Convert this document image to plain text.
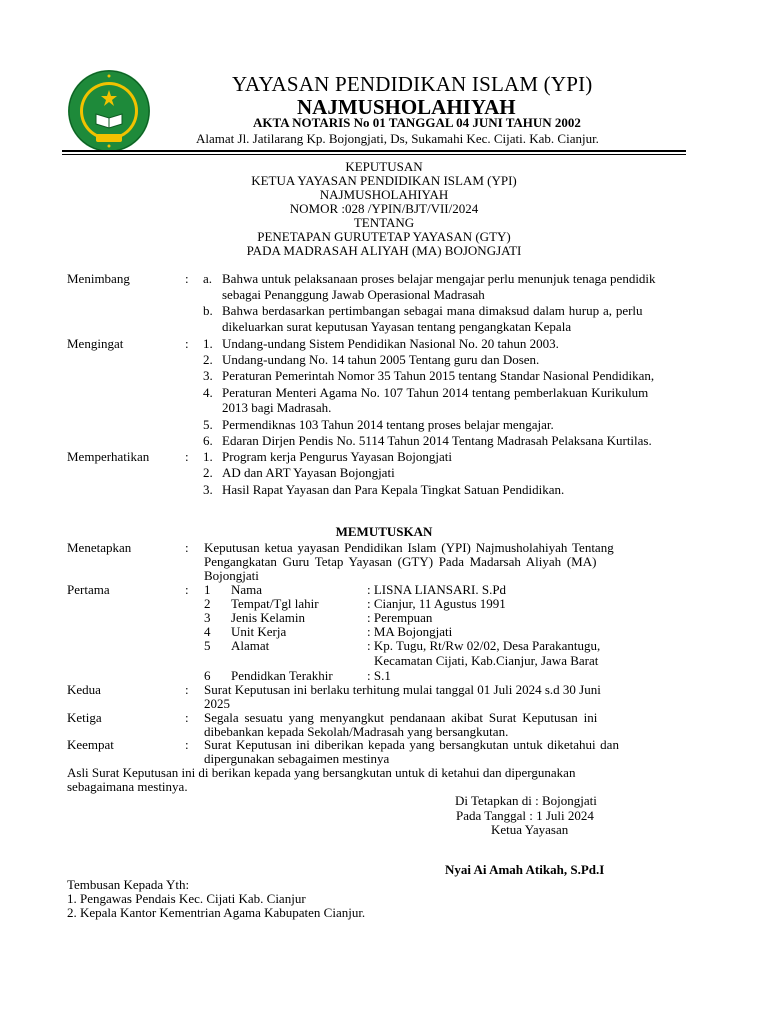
YAYASAN PENDIDIKAN ISLAM (YPI)
NAJMUSHOLAHIYAH
AKTA NOTARIS No 01 TANGGAL 04 JUNI TAHUN 2002
Alamat Jl. Jatilarang Kp. Bojongjati, Ds, Sukamahi Kec. Cijati. Kab. Cianjur.
KEPUTUSAN
KETUA YAYASAN PENDIDIKAN ISLAM (YPI)
NAJMUSHOLAHIYAH
NOMOR :028 /YPIN/BJT/VII/2024
TENTANG
PENETAPAN GURUTETAP YAYASAN (GTY)
PADA MADRASAH ALIYAH (MA) BOJONGJATI
Menimbang	: a. Bahwa untuk pelaksanaan proses belajar mengajar perlu menunjuk tenaga pendidik
sebagai Penanggung Jawab Operasional Madrasah
b. Bahwa berdasarkan pertimbangan sebagai mana dimaksud dalam hurup a, perlu
dikeluarkan surat keputusan Yayasan tentang pengangkatan Kepala
Mengingat	: 1. Undang-undang Sistem Pendidikan Nasional No. 20 tahun 2003.
2. Undang-undang No. 14 tahun 2005 Tentang guru dan Dosen.
3. Peraturan Pemerintah Nomor 35 Tahun 2015 tentang Standar Nasional Pendidikan,
4. Peraturan Menteri Agama No. 107 Tahun 2014 tentang pemberlakuan Kurikulum
2013 bagi Madrasah.
5. Permendiknas 103 Tahun 2014 tentang proses belajar mengajar.
6. Edaran Dirjen Pendis No. 5114 Tahun 2014 Tentang Madrasah Pelaksana Kurtilas.
Memperhatikan	: 1. Program kerja Pengurus Yayasan Bojongjati
2. AD dan ART Yayasan Bojongjati
3. Hasil Rapat Yayasan dan Para Kepala Tingkat Satuan Pendidikan.
MEMUTUSKAN
Menetapkan	: Keputusan ketua yayasan Pendidikan Islam (YPI) Najmusholahiyah Tentang
Pengangkatan Guru Tetap Yayasan (GTY) Pada Madarsah Aliyah (MA)
Bojongjati
Pertama	: 1 Nama	: LISNA LIANSARI. S.Pd
2 Tempat/Tgl lahir	: Cianjur, 11 Agustus 1991
3 Jenis Kelamin	: Perempuan
4 Unit Kerja	: MA Bojongjati
5 Alamat	: Kp. Tugu, Rt/Rw 02/02, Desa Parakantugu,
Kecamatan Cijati, Kab.Cianjur, Jawa Barat
6 Pendidkan Terakhir	: S.1
Kedua	: Surat Keputusan ini berlaku terhitung mulai tanggal 01 Juli 2024 s.d 30 Juni
2025
Ketiga	: Segala sesuatu yang menyangkut pendanaan akibat Surat Keputusan ini
dibebankan kepada Sekolah/Madrasah yang bersangkutan.
Keempat	: Surat Keputusan ini diberikan kepada yang bersangkutan untuk diketahui dan
dipergunakan sebagaimen mestinya
Asli Surat Keputusan ini di berikan kepada yang bersangkutan untuk di ketahui dan dipergunakan
sebagaimana mestinya.
Di Tetapkan di : Bojongjati
Pada Tanggal : 1 Juli 2024
Ketua Yayasan
Nyai Ai Amah Atikah, S.Pd.I
Tembusan Kepada Yth:
1. Pengawas Pendais Kec. Cijati Kab. Cianjur
2. Kepala Kantor Kementrian Agama Kabupaten Cianjur.
